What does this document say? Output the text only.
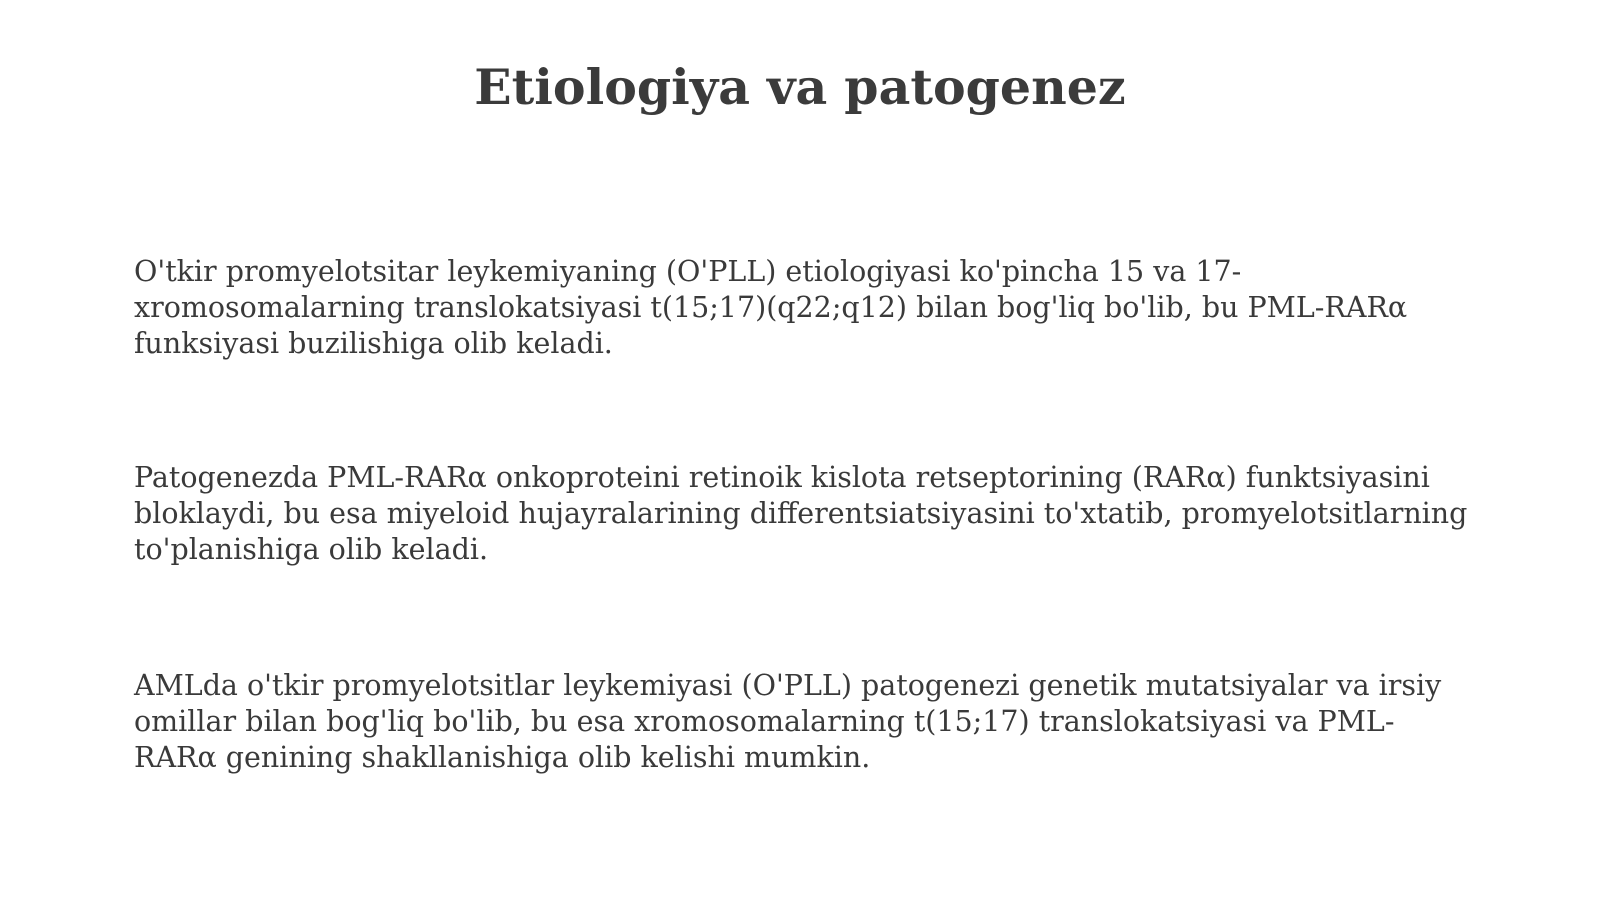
Etiologiya va patogenez

O'tkir promyelotsitar leykemiyaning (O'PLL) etiologiyasi ko'pincha 15 va 17-xromosomalarning translokatsiyasi t(15;17)(q22;q12) bilan bog'liq bo'lib, bu PML-RARα funksiyasi buzilishiga olib keladi.

Patogenezda PML-RARα onkoproteini retinoik kislota retseptorining (RARα) funktsiyasini bloklaydi, bu esa miyeloid hujayralarining differentsiatsiyasini to'xtatib, promyelotsitlarning to'planishiga olib keladi.

AMLda o'tkir promyelotsitlar leykemiyasi (O'PLL) patogenezi genetik mutatsiyalar va irsiy omillar bilan bog'liq bo'lib, bu esa xromosomalarning t(15;17) translokatsiyasi va PML-RARα genining shakllanishiga olib kelishi mumkin.
